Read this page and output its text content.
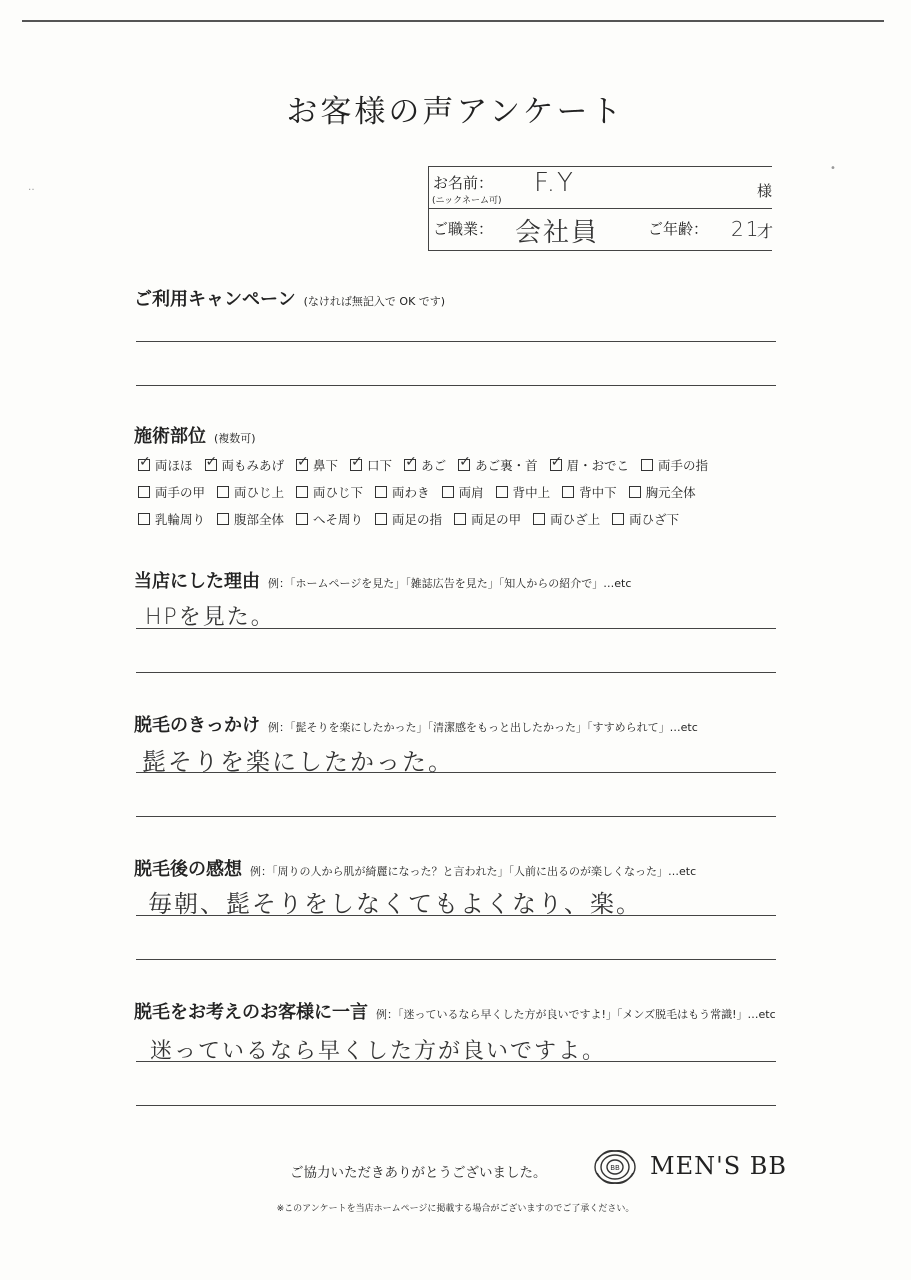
‥
•
お客様の声アンケート
お名前：
(ニックネーム可)
F.Y	様
ご職業： 会社員	ご年齢： 21
才
ご利用キャンペーン (なければ無記入で OK です)
施術部位 (複数可)
✓
両ほほ ✓ 両もみあげ ✓ 鼻下 ✓ 口下 ✓ あご ✓ あご裏・首 ✓ 眉・おでこ 両手の指
両手の甲 両ひじ上 両ひじ下 両わき 両肩 背中上 背中下 胸元全体
乳輪周り 腹部全体 へそ周り 両足の指 両足の甲 両ひざ上 両ひざ下
当店にした理由 例：「ホームページを見た」「雑誌広告を見た」「知人からの紹介で」…etc
HPを見た。
脱毛のきっかけ 例：「髭そりを楽にしたかった」「清潔感をもっと出したかった」「すすめられて」…etc
髭そりを楽にしたかった。
脱毛後の感想 例：「周りの人から肌が綺麗になった？と言われた」「人前に出るのが楽しくなった」…etc
毎朝、髭そりをしなくてもよくなり、楽。
脱毛をお考えのお客様に一言 例：「迷っているなら早くした方が良いですよ!」「メンズ脱毛はもう常識!」…etc
迷っているなら早くした方が良いですよ。
ご協力いただきありがとうございました。	BB MEN'S BB
※このアンケートを当店ホームページに掲載する場合がございますのでご了承ください。
